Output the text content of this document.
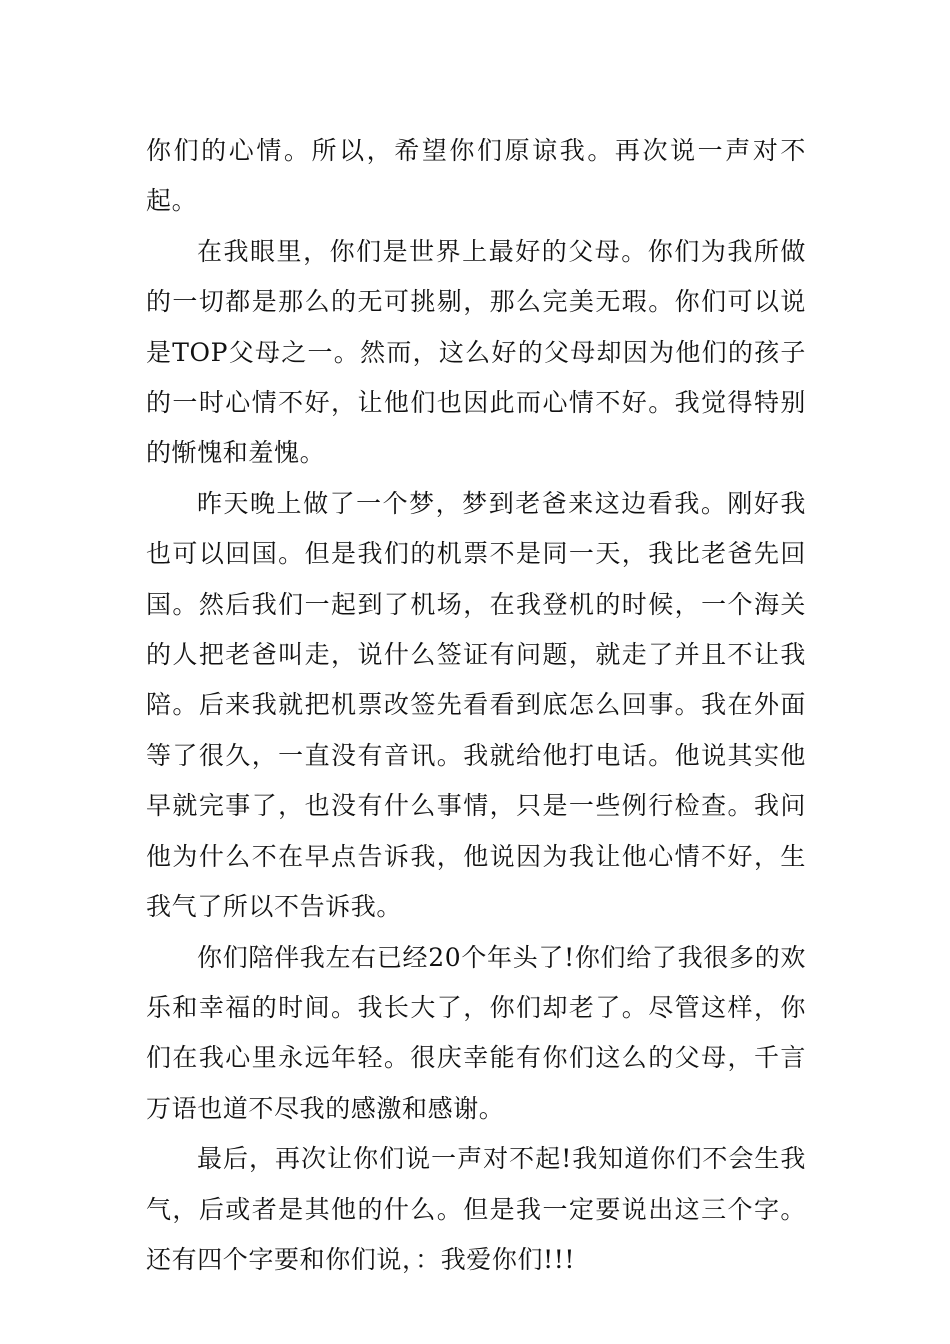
你们的心情。所以，希望你们原谅我。再次说一声对不起。

在我眼里，你们是世界上最好的父母。你们为我所做的一切都是那么的无可挑剔，那么完美无瑕。你们可以说是TOP父母之一。然而，这么好的父母却因为他们的孩子的一时心情不好，让他们也因此而心情不好。我觉得特别的惭愧和羞愧。

昨天晚上做了一个梦，梦到老爸来这边看我。刚好我也可以回国。但是我们的机票不是同一天，我比老爸先回国。然后我们一起到了机场，在我登机的时候，一个海关的人把老爸叫走，说什么签证有问题，就走了并且不让我陪。后来我就把机票改签先看看到底怎么回事。我在外面等了很久，一直没有音讯。我就给他打电话。他说其实他早就完事了，也没有什么事情，只是一些例行检查。我问他为什么不在早点告诉我，他说因为我让他心情不好，生我气了所以不告诉我。

你们陪伴我左右已经20个年头了!你们给了我很多的欢乐和幸福的时间。我长大了，你们却老了。尽管这样，你们在我心里永远年轻。很庆幸能有你们这么的父母，千言万语也道不尽我的感激和感谢。

最后，再次让你们说一声对不起!我知道你们不会生我气，后或者是其他的什么。但是我一定要说出这三个字。还有四个字要和你们说，：我爱你们!!!
